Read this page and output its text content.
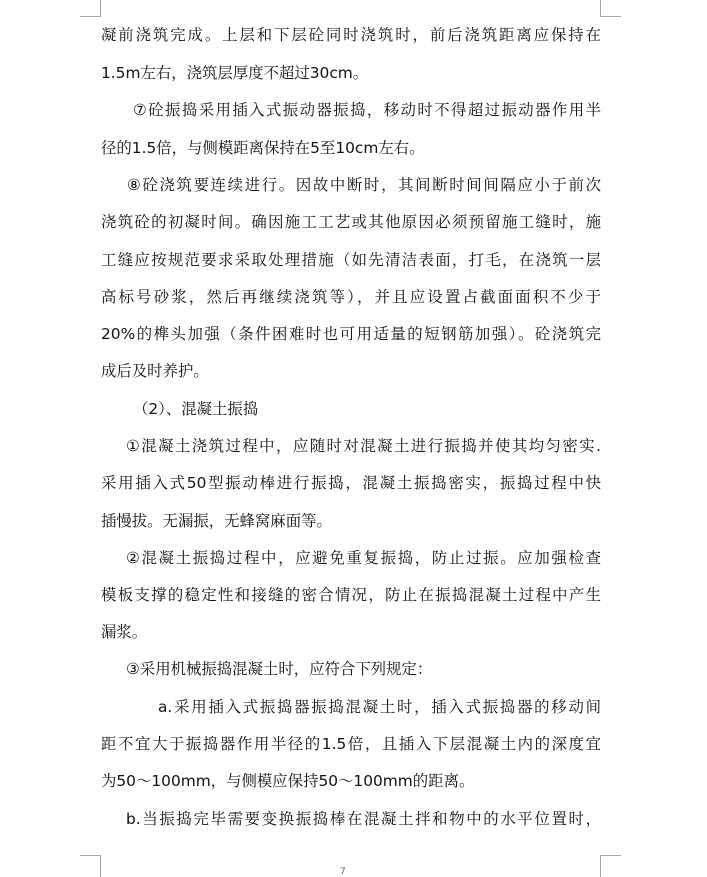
凝前浇筑完成。上层和下层砼同时浇筑时，前后浇筑距离应保持在
1.5m左右，浇筑层厚度不超过30cm。
⑦砼振捣采用插入式振动器振捣，移动时不得超过振动器作用半
径的1.5倍，与侧模距离保持在5至10cm左右。
⑧砼浇筑要连续进行。因故中断时，其间断时间间隔应小于前次
浇筑砼的初凝时间。确因施工工艺或其他原因必须预留施工缝时，施
工缝应按规范要求采取处理措施（如先清洁表面，打毛，在浇筑一层
高标号砂浆，然后再继续浇筑等），并且应设置占截面面积不少于
20%的榫头加强（条件困难时也可用适量的短钢筋加强）。砼浇筑完
成后及时养护。
（2）、混凝土振捣
①混凝土浇筑过程中，应随时对混凝土进行振捣并使其均匀密实.
采用插入式50型振动棒进行振捣，混凝土振捣密实，振捣过程中快
插慢拔。无漏振，无蜂窝麻面等。
②混凝土振捣过程中，应避免重复振捣，防止过振。应加强检查
模板支撑的稳定性和接缝的密合情况，防止在振捣混凝土过程中产生
漏浆。
③采用机械振捣混凝土时，应符合下列规定：
a.采用插入式振捣器振捣混凝土时，插入式振捣器的移动间
距不宜大于振捣器作用半径的1.5倍，且插入下层混凝土内的深度宜
为50～100mm，与侧模应保持50～100mm的距离。
b.当振捣完毕需要变换振捣棒在混凝土拌和物中的水平位置时，
7
